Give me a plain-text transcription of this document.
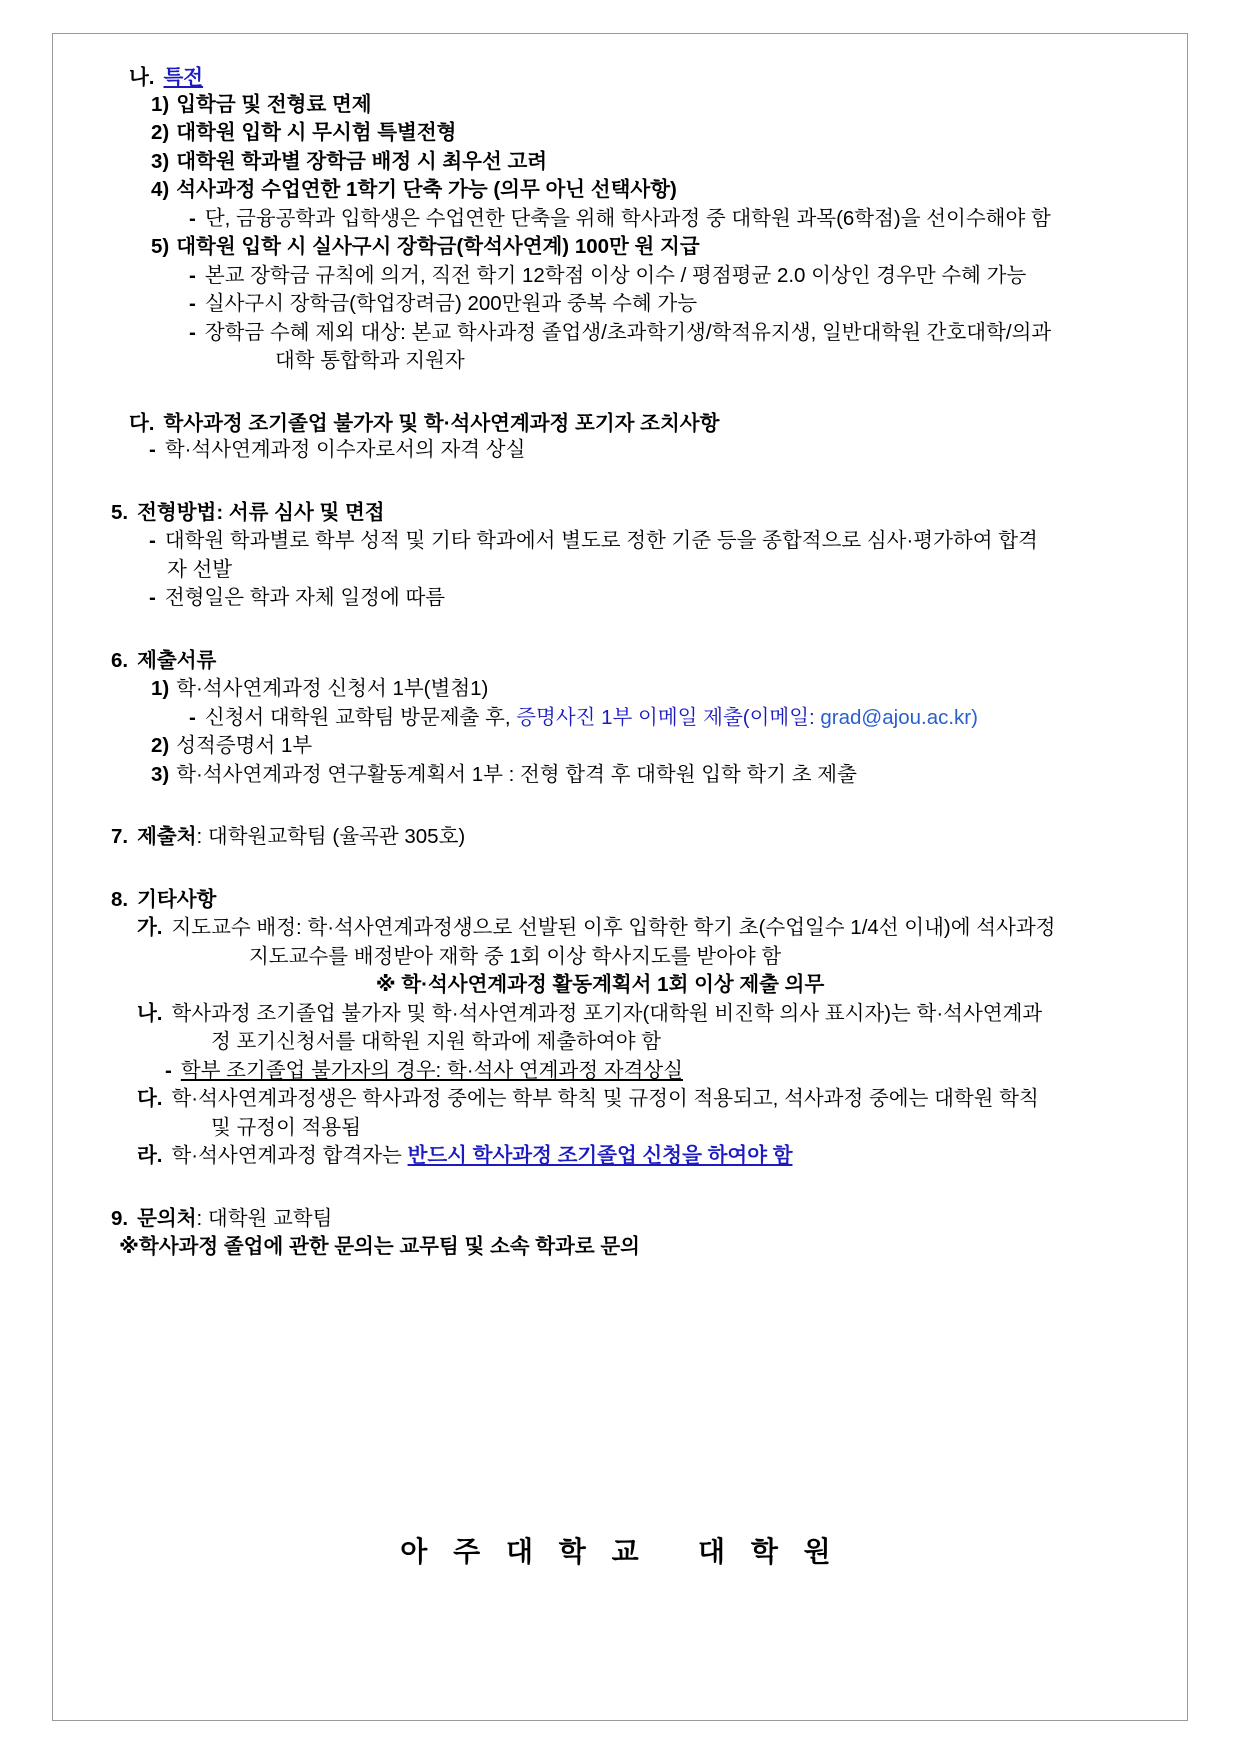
나. 특전
1) 입학금 및 전형료 면제
2) 대학원 입학 시 무시험 특별전형
3) 대학원 학과별 장학금 배정 시 최우선 고려
4) 석사과정 수업연한 1학기 단축 가능 (의무 아닌 선택사항)
- 단, 금융공학과 입학생은 수업연한 단축을 위해 학사과정 중 대학원 과목(6학점)을 선이수해야 함
5) 대학원 입학 시 실사구시 장학금(학석사연계) 100만 원 지급
- 본교 장학금 규칙에 의거, 직전 학기 12학점 이상 이수 / 평점평균 2.0 이상인 경우만 수혜 가능
- 실사구시 장학금(학업장려금) 200만원과 중복 수혜 가능
- 장학금 수혜 제외 대상: 본교 학사과정 졸업생/초과학기생/학적유지생, 일반대학원 간호대학/의과
대학 통합학과 지원자
다. 학사과정 조기졸업 불가자 및 학·석사연계과정 포기자 조치사항
- 학·석사연계과정 이수자로서의 자격 상실
5. 전형방법: 서류 심사 및 면접
- 대학원 학과별로 학부 성적 및 기타 학과에서 별도로 정한 기준 등을 종합적으로 심사·평가하여 합격
자 선발
- 전형일은 학과 자체 일정에 따름
6. 제출서류
1) 학·석사연계과정 신청서 1부(별첨1)
- 신청서 대학원 교학팀 방문제출 후, 증명사진 1부 이메일 제출(이메일: grad@ajou.ac.kr)
2) 성적증명서 1부
3) 학·석사연계과정 연구활동계획서 1부 : 전형 합격 후 대학원 입학 학기 초 제출
7. 제출처: 대학원교학팀 (율곡관 305호)
8. 기타사항
가. 지도교수 배정: 학·석사연계과정생으로 선발된 이후 입학한 학기 초(수업일수 1/4선 이내)에 석사과정
지도교수를 배정받아 재학 중 1회 이상 학사지도를 받아야 함
※ 학·석사연계과정 활동계획서 1회 이상 제출 의무
나. 학사과정 조기졸업 불가자 및 학·석사연계과정 포기자(대학원 비진학 의사 표시자)는 학·석사연계과
정 포기신청서를 대학원 지원 학과에 제출하여야 함
- 학부 조기졸업 불가자의 경우: 학·석사 연계과정 자격상실
다. 학·석사연계과정생은 학사과정 중에는 학부 학칙 및 규정이 적용되고, 석사과정 중에는 대학원 학칙
및 규정이 적용됨
라. 학·석사연계과정 합격자는 반드시 학사과정 조기졸업 신청을 하여야 함
9. 문의처: 대학원 교학팀
※학사과정 졸업에 관한 문의는 교무팀 및 소속 학과로 문의
아 주 대 학 교   대 학 원
